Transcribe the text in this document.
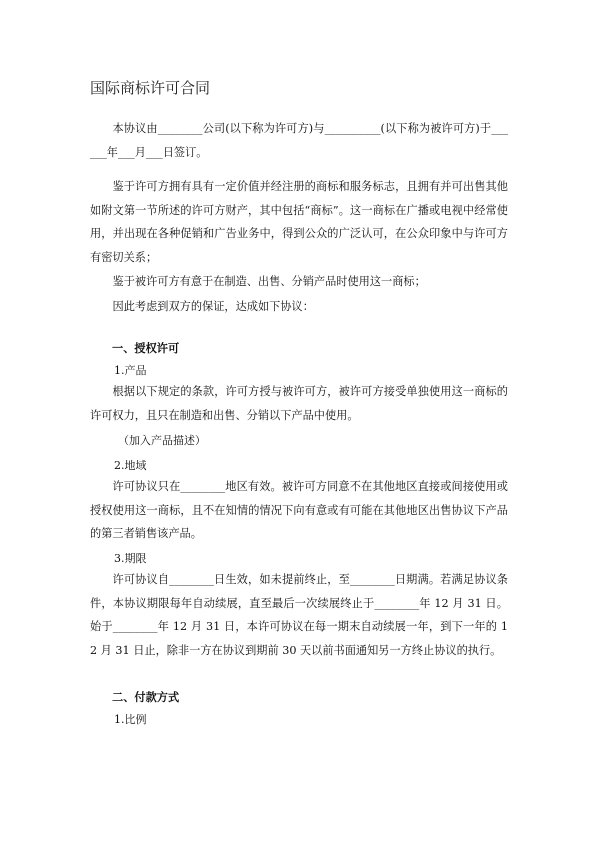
国际商标许可合同
本协议由________公司(以下称为许可方)与__________(以下称为被许可方)于______年___月___日签订。
鉴于许可方拥有具有一定价值并经注册的商标和服务标志，且拥有并可出售其他如附文第一节所述的许可方财产，其中包括“商标”。这一商标在广播或电视中经常使用，并出现在各种促销和广告业务中，得到公众的广泛认可，在公众印象中与许可方有密切关系；
鉴于被许可方有意于在制造、出售、分销产品时使用这一商标；
因此考虑到双方的保证，达成如下协议：
一、授权许可
1.产品
根据以下规定的条款，许可方授与被许可方，被许可方接受单独使用这一商标的许可权力，且只在制造和出售、分销以下产品中使用。
（加入产品描述）
2.地域
许可协议只在________地区有效。被许可方同意不在其他地区直接或间接使用或授权使用这一商标，且不在知情的情况下向有意或有可能在其他地区出售协议下产品的第三者销售该产品。
3.期限
许可协议自________日生效，如未提前终止，至________日期满。若满足协议条件，本协议期限每年自动续展，直至最后一次续展终止于________年 12 月 31 日。始于________年 12 月 31 日，本许可协议在每一期末自动续展一年，到下一年的 12 月 31 日止，除非一方在协议到期前 30 天以前书面通知另一方终止协议的执行。
二、付款方式
1.比例
